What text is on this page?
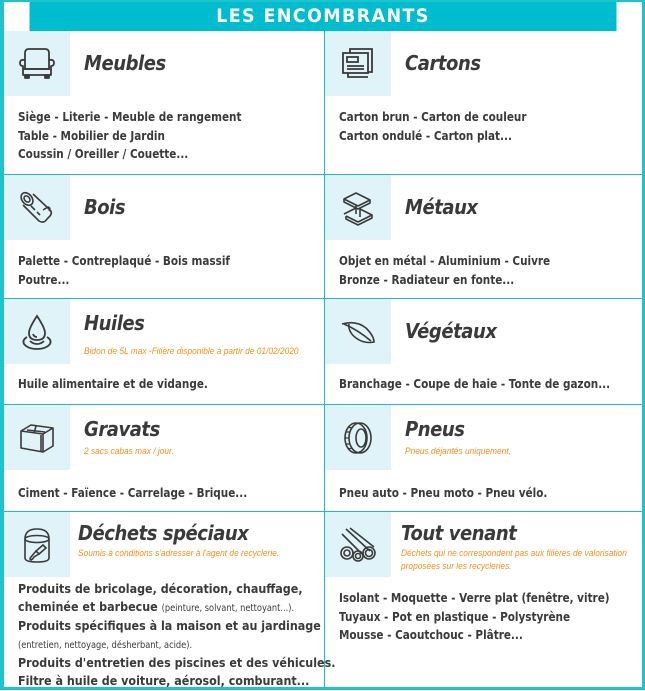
LES ENCOMBRANTS
Meubles
Siège - Literie - Meuble de rangement
Table - Mobilier de Jardin
Coussin / Oreiller / Couette...
Cartons
Carton brun - Carton de couleur
Carton ondulé - Carton plat...
Bois
Palette - Contreplaqué - Bois massif
Poutre...
Métaux
Objet en métal - Aluminium - Cuivre
Bronze - Radiateur en fonte...
Huiles
Bidon de 5L max -Filière disponible à partir de 01/02/2020
Huile alimentaire et de vidange.
Végétaux
Branchage - Coupe de haie - Tonte de gazon...
Gravats
2 sacs cabas max / jour.
Ciment - Faïence - Carrelage - Brique...
Pneus
Pneus déjantés uniquement.
Pneu auto - Pneu moto - Pneu vélo.
Déchets spéciaux
Soumis à conditions s'adresser à l'agent de recyclerie.
Produits de bricolage, décoration, chauffage,
cheminée et barbecue (peinture, solvant, nettoyant...).
Produits spécifiques à la maison et au jardinage
(entretien, nettoyage, désherbant, acide).
Produits d'entretien des piscines et des véhicules.
Filtre à huile de voiture, aérosol, comburant...
Tout venant
Déchets qui ne correspondent pas aux filières de valorisation
proposées sur les recycleries.
Isolant - Moquette - Verre plat (fenêtre, vitre)
Tuyaux - Pot en plastique - Polystyrène
Mousse - Caoutchouc - Plâtre...
